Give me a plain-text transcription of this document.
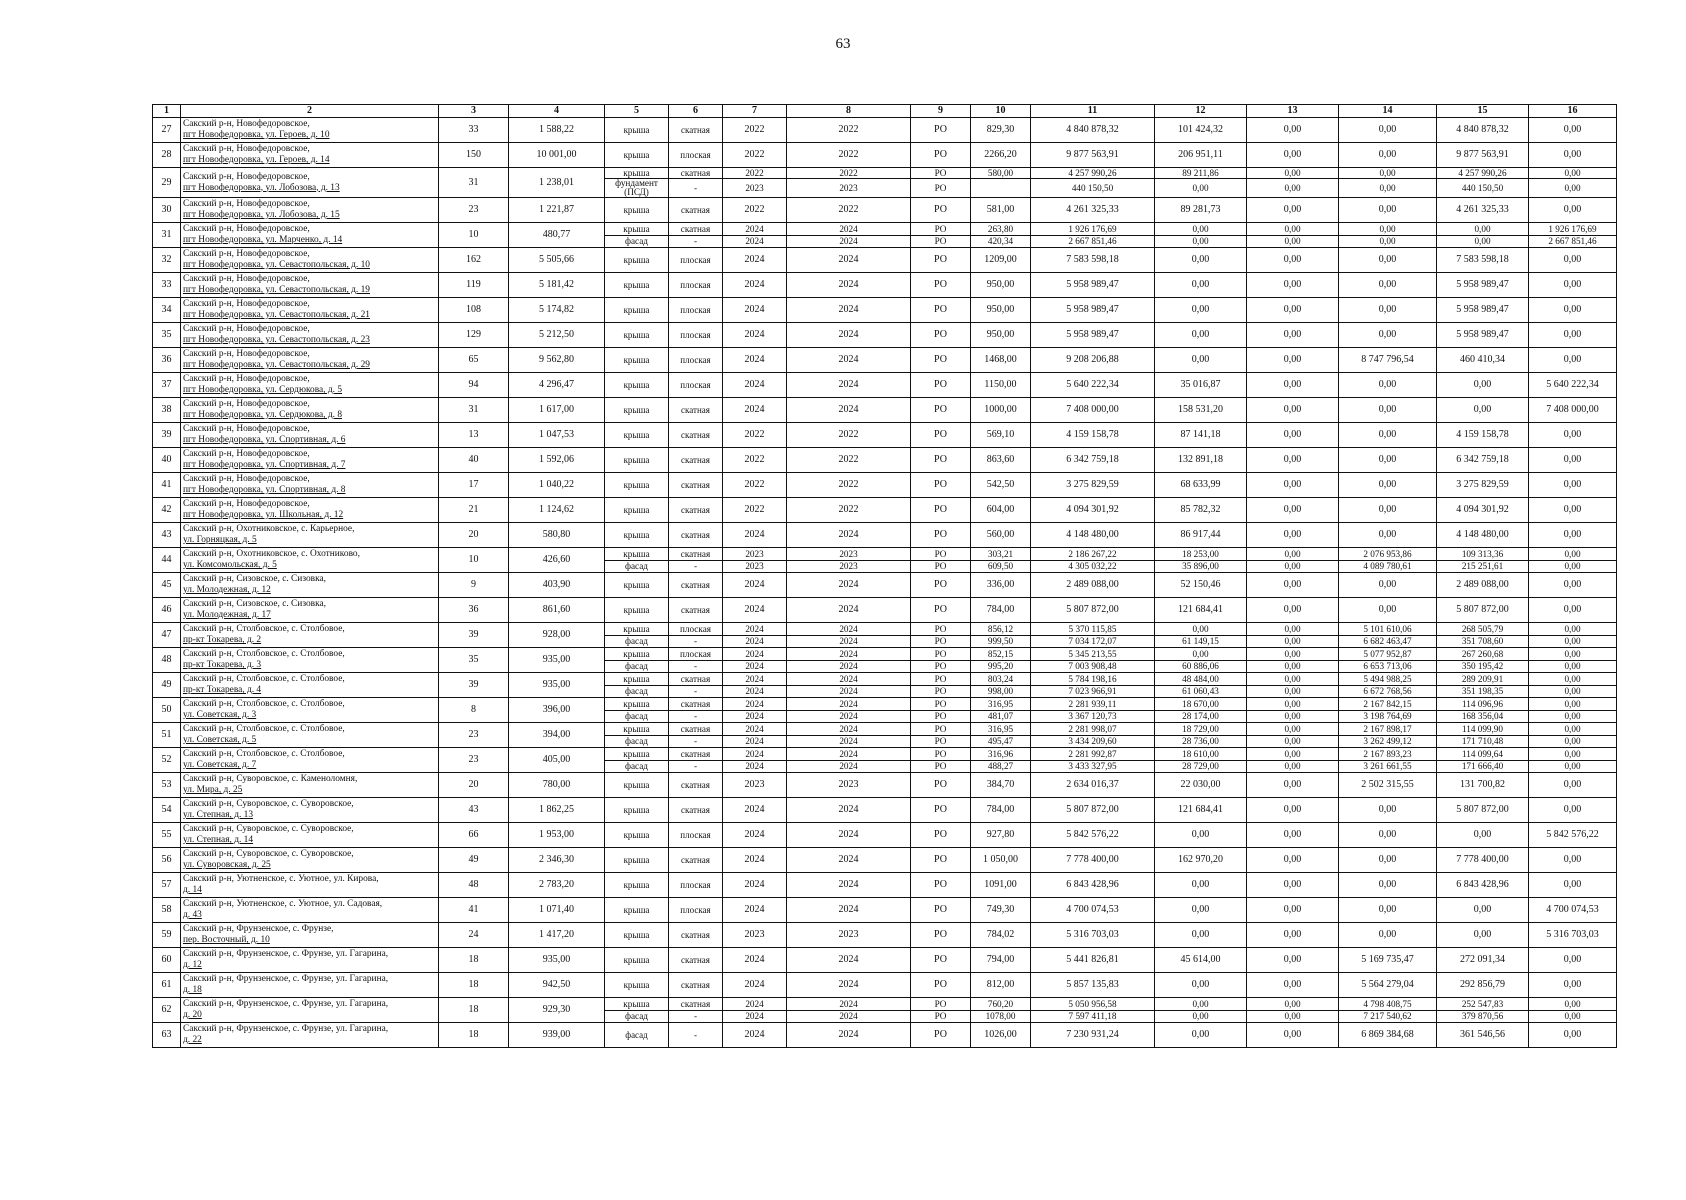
63
1	2	3	4	5	6	7	8	9	10	11	12	13	14	15	16
27	Сакский р-н, Новофедоровское,
пгт Новофедоровка, ул. Героев, д. 10	33	1 588,22	крыша	скатная	2022	2022	РО	829,30	4 840 878,32	101 424,32	0,00	0,00	4 840 878,32	0,00
28	Сакский р-н, Новофедоровское,
пгт Новофедоровка, ул. Героев, д. 14	150	10 001,00	крыша	плоская	2022	2022	РО	2266,20	9 877 563,91	206 951,11	0,00	0,00	9 877 563,91	0,00
29	Сакский р-н, Новофедоровское,
пгт Новофедоровка, ул. Лобозова, д. 13	31	1 238,01	крыша	скатная	2022	2022	РО	580,00	4 257 990,26	89 211,86	0,00	0,00	4 257 990,26	0,00
				фундамент (ПСД)	-	2023	2023	РО		440 150,50	0,00	0,00	0,00	440 150,50	0,00
30	Сакский р-н, Новофедоровское,
пгт Новофедоровка, ул. Лобозова, д. 15	23	1 221,87	крыша	скатная	2022	2022	РО	581,00	4 261 325,33	89 281,73	0,00	0,00	4 261 325,33	0,00
31	Сакский р-н, Новофедоровское,
пгт Новофедоровка, ул. Марченко, д. 14	10	480,77	крыша	скатная	2024	2024	РО	263,80	1 926 176,69	0,00	0,00	0,00	0,00	1 926 176,69
				фасад	-	2024	2024	РО	420,34	2 667 851,46	0,00	0,00	0,00	0,00	2 667 851,46
32	Сакский р-н, Новофедоровское,
пгт Новофедоровка, ул. Севастопольская, д. 10	162	5 505,66	крыша	плоская	2024	2024	РО	1209,00	7 583 598,18	0,00	0,00	0,00	7 583 598,18	0,00
33	Сакский р-н, Новофедоровское,
пгт Новофедоровка, ул. Севастопольская, д. 19	119	5 181,42	крыша	плоская	2024	2024	РО	950,00	5 958 989,47	0,00	0,00	0,00	5 958 989,47	0,00
34	Сакский р-н, Новофедоровское,
пгт Новофедоровка, ул. Севастопольская, д. 21	108	5 174,82	крыша	плоская	2024	2024	РО	950,00	5 958 989,47	0,00	0,00	0,00	5 958 989,47	0,00
35	Сакский р-н, Новофедоровское,
пгт Новофедоровка, ул. Севастопольская, д. 23	129	5 212,50	крыша	плоская	2024	2024	РО	950,00	5 958 989,47	0,00	0,00	0,00	5 958 989,47	0,00
36	Сакский р-н, Новофедоровское,
пгт Новофедоровка, ул. Севастопольская, д. 29	65	9 562,80	крыша	плоская	2024	2024	РО	1468,00	9 208 206,88	0,00	0,00	8 747 796,54	460 410,34	0,00
37	Сакский р-н, Новофедоровское,
пгт Новофедоровка, ул. Сердюкова, д. 5	94	4 296,47	крыша	плоская	2024	2024	РО	1150,00	5 640 222,34	35 016,87	0,00	0,00	0,00	5 640 222,34
38	Сакский р-н, Новофедоровское,
пгт Новофедоровка, ул. Сердюкова, д. 8	31	1 617,00	крыша	скатная	2024	2024	РО	1000,00	7 408 000,00	158 531,20	0,00	0,00	0,00	7 408 000,00
39	Сакский р-н, Новофедоровское,
пгт Новофедоровка, ул. Спортивная, д. 6	13	1 047,53	крыша	скатная	2022	2022	РО	569,10	4 159 158,78	87 141,18	0,00	0,00	4 159 158,78	0,00
40	Сакский р-н, Новофедоровское,
пгт Новофедоровка, ул. Спортивная, д. 7	40	1 592,06	крыша	скатная	2022	2022	РО	863,60	6 342 759,18	132 891,18	0,00	0,00	6 342 759,18	0,00
41	Сакский р-н, Новофедоровское,
пгт Новофедоровка, ул. Спортивная, д. 8	17	1 040,22	крыша	скатная	2022	2022	РО	542,50	3 275 829,59	68 633,99	0,00	0,00	3 275 829,59	0,00
42	Сакский р-н, Новофедоровское,
пгт Новофедоровка, ул. Школьная, д. 12	21	1 124,62	крыша	скатная	2022	2022	РО	604,00	4 094 301,92	85 782,32	0,00	0,00	4 094 301,92	0,00
43	Сакский р-н, Охотниковское, с. Карьерное,
ул. Горняцкая, д. 5	20	580,80	крыша	скатная	2024	2024	РО	560,00	4 148 480,00	86 917,44	0,00	0,00	4 148 480,00	0,00
44	Сакский р-н, Охотниковское, с. Охотниково,
ул. Комсомольская, д. 5	10	426,60	крыша	скатная	2023	2023	РО	303,21	2 186 267,22	18 253,00	0,00	2 076 953,86	109 313,36	0,00
				фасад	-	2023	2023	РО	609,50	4 305 032,22	35 896,00	0,00	4 089 780,61	215 251,61	0,00
45	Сакский р-н, Сизовское, с. Сизовка,
ул. Молодежная, д. 12	9	403,90	крыша	скатная	2024	2024	РО	336,00	2 489 088,00	52 150,46	0,00	0,00	2 489 088,00	0,00
46	Сакский р-н, Сизовское, с. Сизовка,
ул. Молодежная, д. 17	36	861,60	крыша	скатная	2024	2024	РО	784,00	5 807 872,00	121 684,41	0,00	0,00	5 807 872,00	0,00
47	Сакский р-н, Столбовское, с. Столбовое,
пр-кт Токарева, д. 2	39	928,00	крыша	плоская	2024	2024	РО	856,12	5 370 115,85	0,00	0,00	5 101 610,06	268 505,79	0,00
				фасад	-	2024	2024	РО	999,50	7 034 172,07	61 149,15	0,00	6 682 463,47	351 708,60	0,00
48	Сакский р-н, Столбовское, с. Столбовое,
пр-кт Токарева, д. 3	35	935,00	крыша	плоская	2024	2024	РО	852,15	5 345 213,55	0,00	0,00	5 077 952,87	267 260,68	0,00
				фасад	-	2024	2024	РО	995,20	7 003 908,48	60 886,06	0,00	6 653 713,06	350 195,42	0,00
49	Сакский р-н, Столбовское, с. Столбовое,
пр-кт Токарева, д. 4	39	935,00	крыша	скатная	2024	2024	РО	803,24	5 784 198,16	48 484,00	0,00	5 494 988,25	289 209,91	0,00
				фасад	-	2024	2024	РО	998,00	7 023 966,91	61 060,43	0,00	6 672 768,56	351 198,35	0,00
50	Сакский р-н, Столбовское, с. Столбовое,
ул. Советская, д. 3	8	396,00	крыша	скатная	2024	2024	РО	316,95	2 281 939,11	18 670,00	0,00	2 167 842,15	114 096,96	0,00
				фасад	-	2024	2024	РО	481,07	3 367 120,73	28 174,00	0,00	3 198 764,69	168 356,04	0,00
51	Сакский р-н, Столбовское, с. Столбовое,
ул. Советская, д. 5	23	394,00	крыша	скатная	2024	2024	РО	316,95	2 281 998,07	18 729,00	0,00	2 167 898,17	114 099,90	0,00
				фасад	-	2024	2024	РО	495,47	3 434 209,60	28 736,00	0,00	3 262 499,12	171 710,48	0,00
52	Сакский р-н, Столбовское, с. Столбовое,
ул. Советская, д. 7	23	405,00	крыша	скатная	2024	2024	РО	316,96	2 281 992,87	18 610,00	0,00	2 167 893,23	114 099,64	0,00
				фасад	-	2024	2024	РО	488,27	3 433 327,95	28 729,00	0,00	3 261 661,55	171 666,40	0,00
53	Сакский р-н, Суворовское, с. Каменоломня,
ул. Мира, д. 25	20	780,00	крыша	скатная	2023	2023	РО	384,70	2 634 016,37	22 030,00	0,00	2 502 315,55	131 700,82	0,00
54	Сакский р-н, Суворовское, с. Суворовское,
ул. Степная, д. 13	43	1 862,25	крыша	скатная	2024	2024	РО	784,00	5 807 872,00	121 684,41	0,00	0,00	5 807 872,00	0,00
55	Сакский р-н, Суворовское, с. Суворовское,
ул. Степная, д. 14	66	1 953,00	крыша	плоская	2024	2024	РО	927,80	5 842 576,22	0,00	0,00	0,00	0,00	5 842 576,22
56	Сакский р-н, Суворовское, с. Суворовское,
ул. Суворовская, д. 25	49	2 346,30	крыша	скатная	2024	2024	РО	1 050,00	7 778 400,00	162 970,20	0,00	0,00	7 778 400,00	0,00
57	Сакский р-н, Уютненское, с. Уютное, ул. Кирова,
д. 14	48	2 783,20	крыша	плоская	2024	2024	РО	1091,00	6 843 428,96	0,00	0,00	0,00	6 843 428,96	0,00
58	Сакский р-н, Уютненское, с. Уютное, ул. Садовая,
д. 43	41	1 071,40	крыша	плоская	2024	2024	РО	749,30	4 700 074,53	0,00	0,00	0,00	0,00	4 700 074,53
59	Сакский р-н, Фрунзенское, с. Фрунзе,
пер. Восточный, д. 10	24	1 417,20	крыша	скатная	2023	2023	РО	784,02	5 316 703,03	0,00	0,00	0,00	0,00	5 316 703,03
60	Сакский р-н, Фрунзенское, с. Фрунзе, ул. Гагарина,
д. 12	18	935,00	крыша	скатная	2024	2024	РО	794,00	5 441 826,81	45 614,00	0,00	5 169 735,47	272 091,34	0,00
61	Сакский р-н, Фрунзенское, с. Фрунзе, ул. Гагарина,
д. 18	18	942,50	крыша	скатная	2024	2024	РО	812,00	5 857 135,83	0,00	0,00	5 564 279,04	292 856,79	0,00
62	Сакский р-н, Фрунзенское, с. Фрунзе, ул. Гагарина,
д. 20	18	929,30	крыша	скатная	2024	2024	РО	760,20	5 050 956,58	0,00	0,00	4 798 408,75	252 547,83	0,00
				фасад	-	2024	2024	РО	1078,00	7 597 411,18	0,00	0,00	7 217 540,62	379 870,56	0,00
63	Сакский р-н, Фрунзенское, с. Фрунзе, ул. Гагарина,
д. 22	18	939,00	фасад	-	2024	2024	РО	1026,00	7 230 931,24	0,00	0,00	6 869 384,68	361 546,56	0,00
